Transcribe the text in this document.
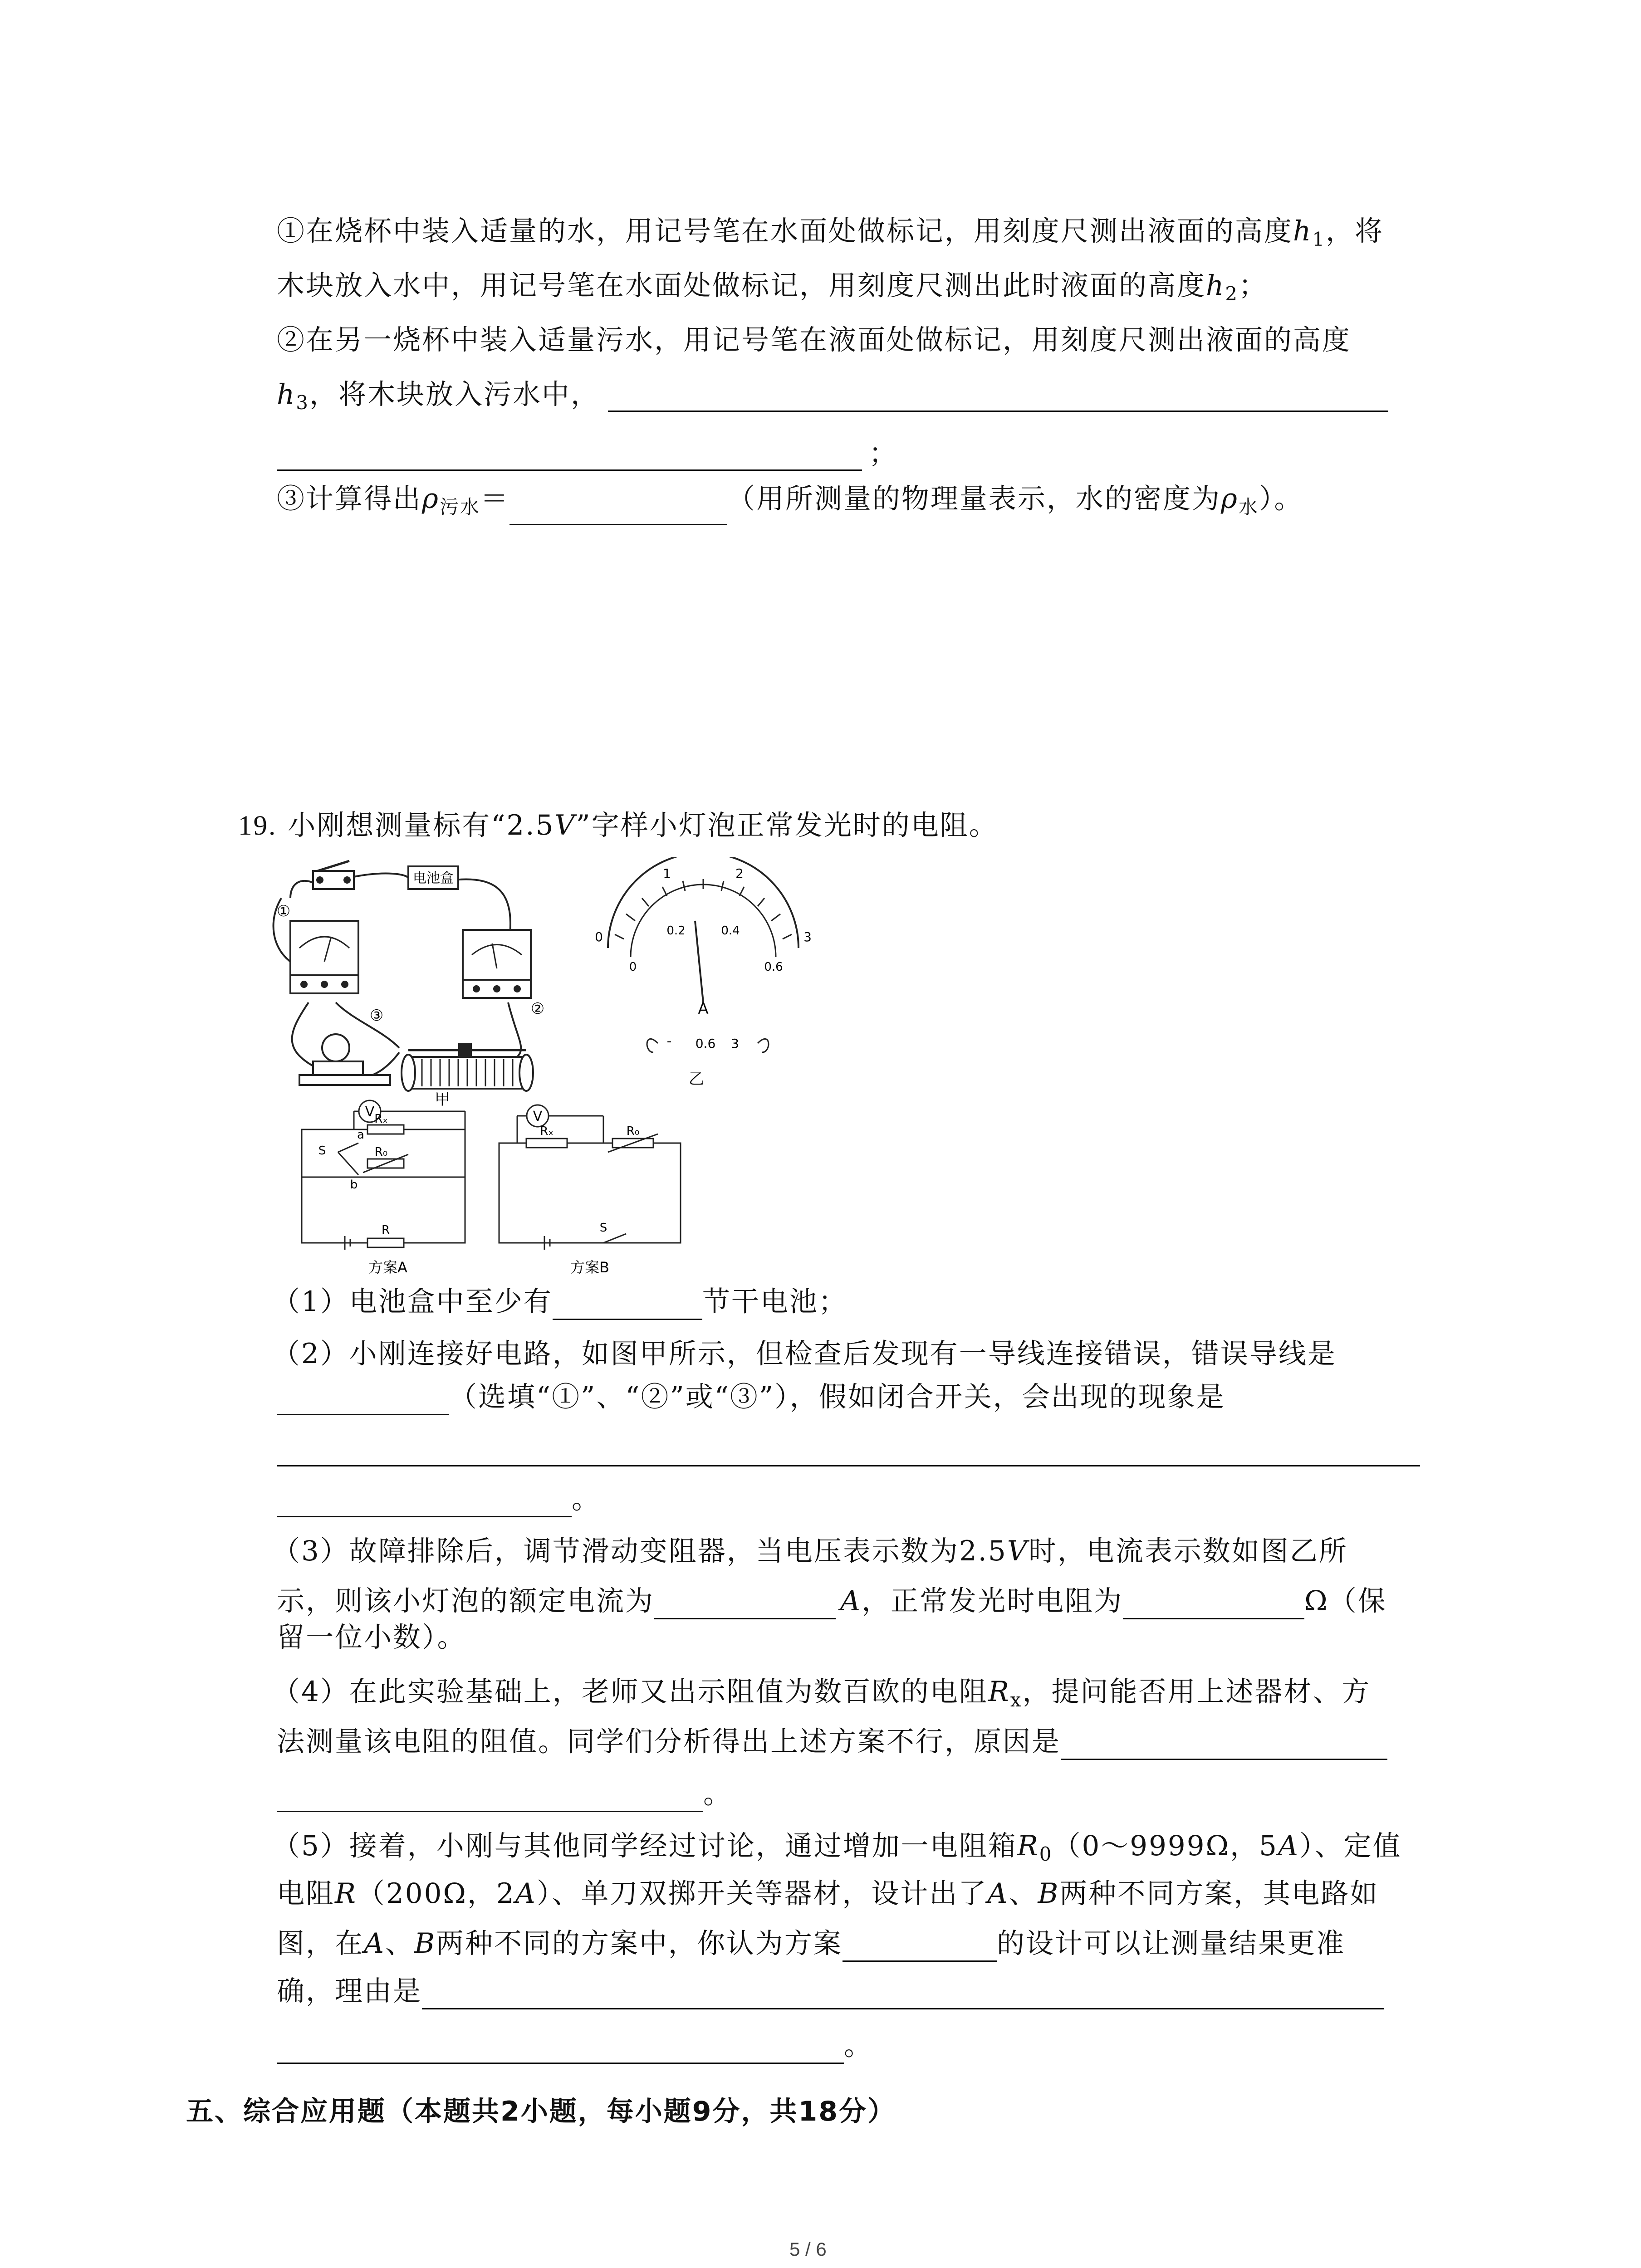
①在烧杯中装入适量的水，用记号笔在水面处做标记，用刻度尺测出液面的高度$h_1$，将
木块放入水中，用记号笔在水面处做标记，用刻度尺测出此时液面的高度$h_2$；
②在另一烧杯中装入适量污水，用记号笔在液面处做标记，用刻度尺测出液面的高度
$h_3$，将木块放入污水中，
；
③计算得出$\rho_{污水}=$	（用所测量的物理量表示，水的密度为$\rho_水$）。
19. 小刚想测量标有“2.5V”字样小灯泡正常发光时的电阻。
电池盒
①
②
③
甲
0
1	2
3
0
0.2	0.4
0.6
A
- 0.6 3
乙
V Rₓ
R₀
R
S
a
b
方案A
V
Rₓ	R₀
S
方案B
（1）电池盒中至少有	节干电池；
（2）小刚连接好电路，如图甲所示，但检查后发现有一导线连接错误，错误导线是
（选填“①”、“②”或“③”），假如闭合开关，会出现的现象是
。
（3）故障排除后，调节滑动变阻器，当电压表示数为2.5V时，电流表示数如图乙所
示，则该小灯泡的额定电流为	A，正常发光时电阻为	Ω（保
留一位小数）。
（4）在此实验基础上，老师又出示阻值为数百欧的电阻$R_x$，提问能否用上述器材、方
法测量该电阻的阻值。同学们分析得出上述方案不行，原因是
。
（5）接着，小刚与其他同学经过讨论，通过增加一电阻箱$R_0(0\sim 9999\Omega$，5A）、定值
电阻R（200Ω，2A）、单刀双掷开关等器材，设计出了A、B两种不同方案，其电路如
图，在A、B两种不同的方案中，你认为方案	的设计可以让测量结果更准
确，理由是
。
五、综合应用题（本题共2小题，每小题9分，共18分）
5 / 6
